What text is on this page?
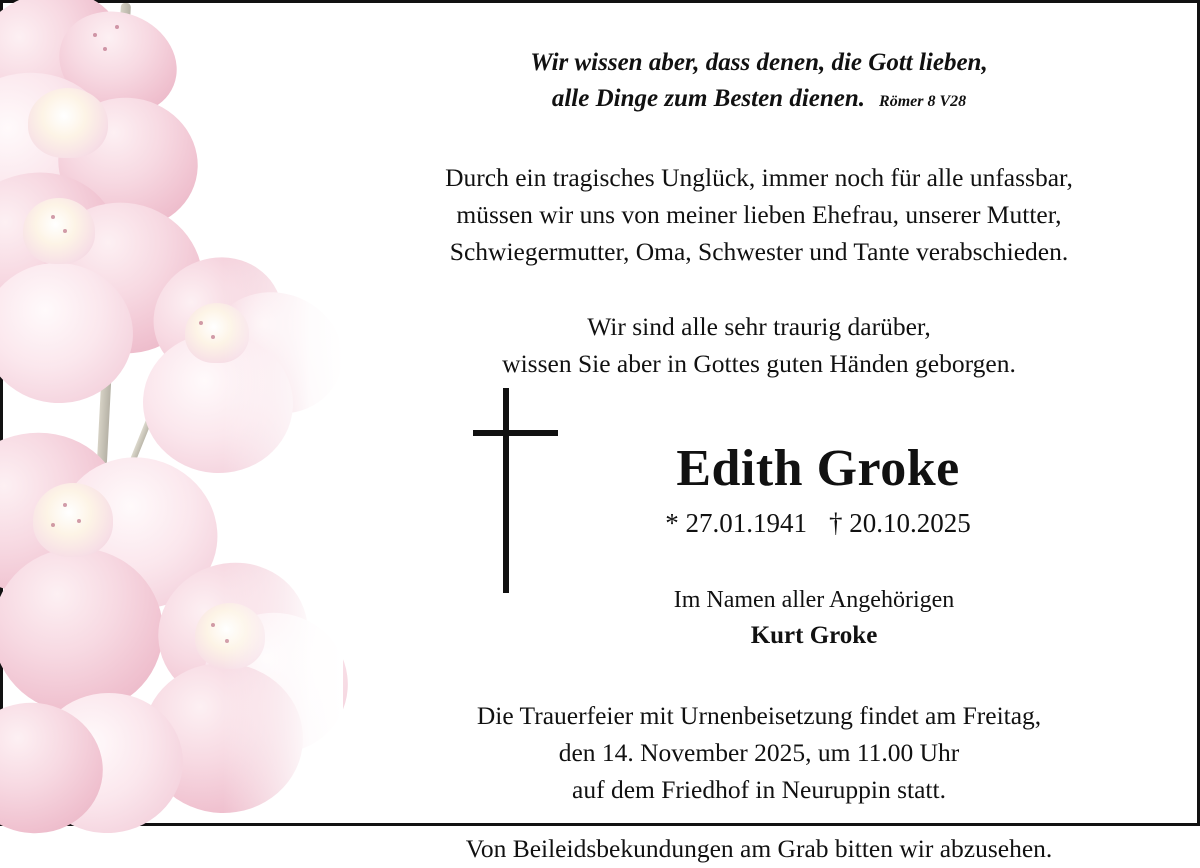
Wir wissen aber, dass denen, die Gott lieben,
alle Dinge zum Besten dienen. Römer 8 V28
Durch ein tragisches Unglück, immer noch für alle unfassbar,
müssen wir uns von meiner lieben Ehefrau, unserer Mutter,
Schwiegermutter, Oma, Schwester und Tante verabschieden.
Wir sind alle sehr traurig darüber,
wissen Sie aber in Gottes guten Händen geborgen.
Edith Groke
* 27.01.1941 † 20.10.2025
Im Namen aller Angehörigen
Kurt Groke
Die Trauerfeier mit Urnenbeisetzung findet am Freitag,
den 14. November 2025, um 11.00 Uhr
auf dem Friedhof in Neuruppin statt.
Von Beileidsbekundungen am Grab bitten wir abzusehen.
